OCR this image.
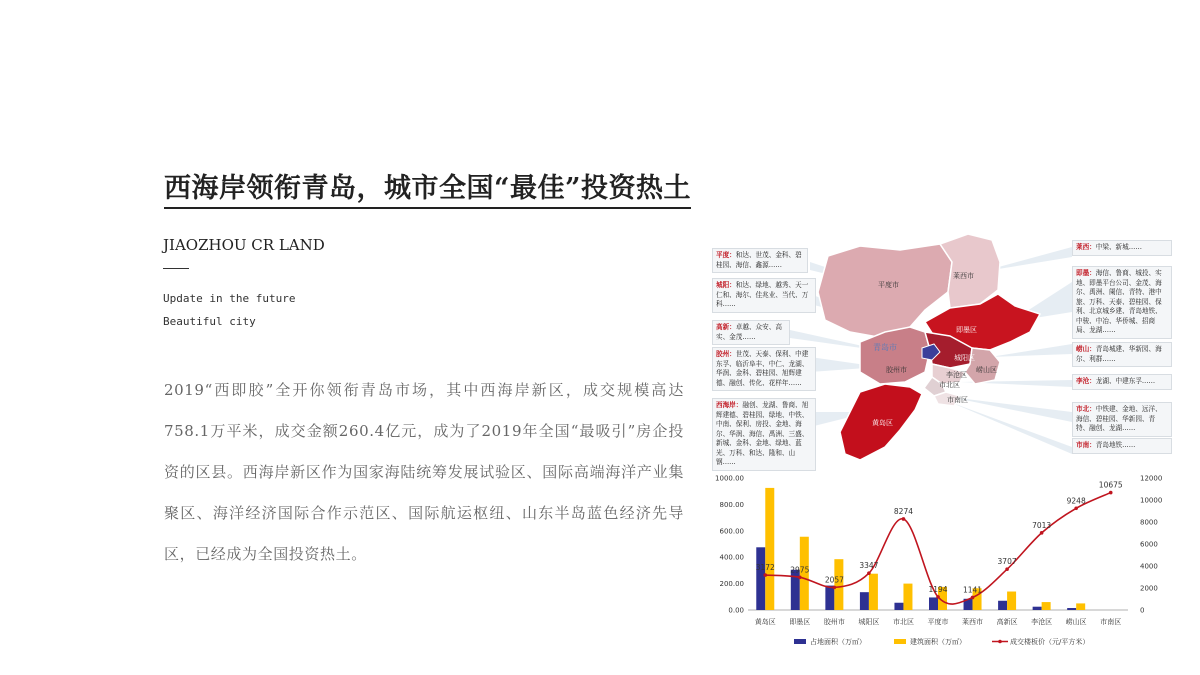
西海岸领衔青岛，城市全国“最佳”投资热土
JIAOZHOU CR LAND
Update in the future
Beautiful city
2019“西即胶”全开你领衔青岛市场，其中西海岸新区，成交规模高达758.1万平米，成交金额260.4亿元，成为了2019年全国“最吸引”房企投资的区县。西海岸新区作为国家海陆统筹发展试验区、国际高端海洋产业集聚区、海洋经济国际合作示范区、国际航运枢纽、山东半岛蓝色经济先导区，已经成为全国投资热土。
平度市
莱西市
即墨区
胶州市
城阳区
崂山区
李沧区
市北区
市南区
黄岛区
青岛市
平度：和达、世茂、金科、碧桂园、海信、鑫源……
城阳：和达、绿地、越秀、天一仁和、海尔、佳兆业、当代、万科……
高新：卓越、众安、高实、金茂……
胶州：世茂、天泰、保利、中建东孚、临沂阜丰、中仁、龙湖、华润、金科、碧桂园、旭辉建德、融创、传化、花样年……
西海岸：融创、龙湖、鲁商、旭辉建德、碧桂园、绿地、中铁、中南、保利、房投、金地、海尔、华润、海信、禹洲、三盛、新城、金科、金地、绿地、蓝光、万科、和达、隆和、山钢……
莱西：中梁、新城……
即墨：海信、鲁商、城投、实地、即墨平台公司、金茂、海尔、禹洲、阑信、青特、港中旅、万科、天泰、碧桂园、保利、北京城乡建、青岛地铁、中骏、中冶、华侨城、招商局、龙湖……
崂山：青岛城建、华新园、海尔、利群……
李沧：龙湖、中建东孚……
市北：中铁建、金地、远洋、海信、碧桂园、华新园、青特、融创、龙湖……
市南：青岛地铁……
0.00
200.00
400.00
600.00
800.00
1000.00
0
2000
4000
6000
8000
10000
12000
黄岛区 即墨区 胶州市 城阳区 市北区 平度市 莱西市 高新区 李沧区 崂山区 市南区
3172 2975
2057
3347
8274
1194 1141
3707
7013
9248
10675
占地面积（万㎡）	建筑面积（万㎡）	成交楼板价（元/平方米）
